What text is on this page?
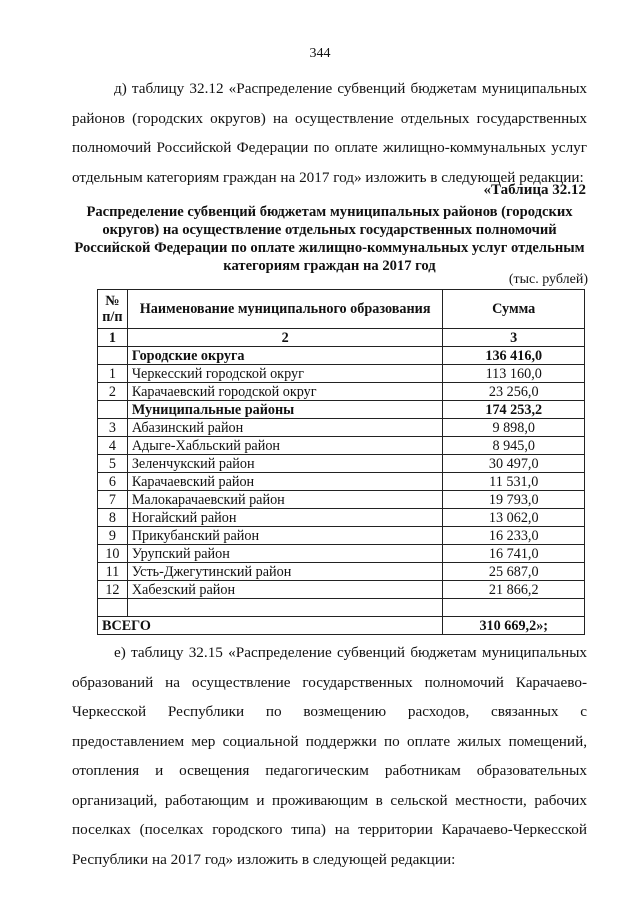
344

д) таблицу 32.12 «Распределение субвенций бюджетам муниципальных районов (городских округов) на осуществление отдельных государственных полномочий Российской Федерации по оплате жилищно-коммунальных услуг отдельным категориям граждан на 2017 год» изложить в следующей редакции:

«Таблица 32.12
Распределение субвенций бюджетам муниципальных районов (городских округов) на осуществление отдельных государственных полномочий Российской Федерации по оплате жилищно-коммунальных услуг отдельным категориям граждан на 2017 год
(тыс. рублей)
№ п/п	Наименование муниципального образования	Сумма
1	2	3
	Городские округа	136 416,0
1	Черкесский городской округ	113 160,0
2	Карачаевский городской округ	23 256,0
	Муниципальные районы	174 253,2
3	Абазинский район	9 898,0
4	Адыге-Хабльский район	8 945,0
5	Зеленчукский район	30 497,0
6	Карачаевский район	11 531,0
7	Малокарачаевский район	19 793,0
8	Ногайский район	13 062,0
9	Прикубанский район	16 233,0
10	Урупский район	16 741,0
11	Усть-Джегутинский район	25 687,0
12	Хабезский район	21 866,2

ВСЕГО		310 669,2»;

е) таблицу 32.15 «Распределение субвенций бюджетам муниципальных образований на осуществление государственных полномочий Карачаево-Черкесской Республики по возмещению расходов, связанных с предоставлением мер социальной поддержки по оплате жилых помещений, отопления и освещения педагогическим работникам образовательных организаций, работающим и проживающим в сельской местности, рабочих поселках (поселках городского типа) на территории Карачаево-Черкесской Республики на 2017 год» изложить в следующей редакции:
